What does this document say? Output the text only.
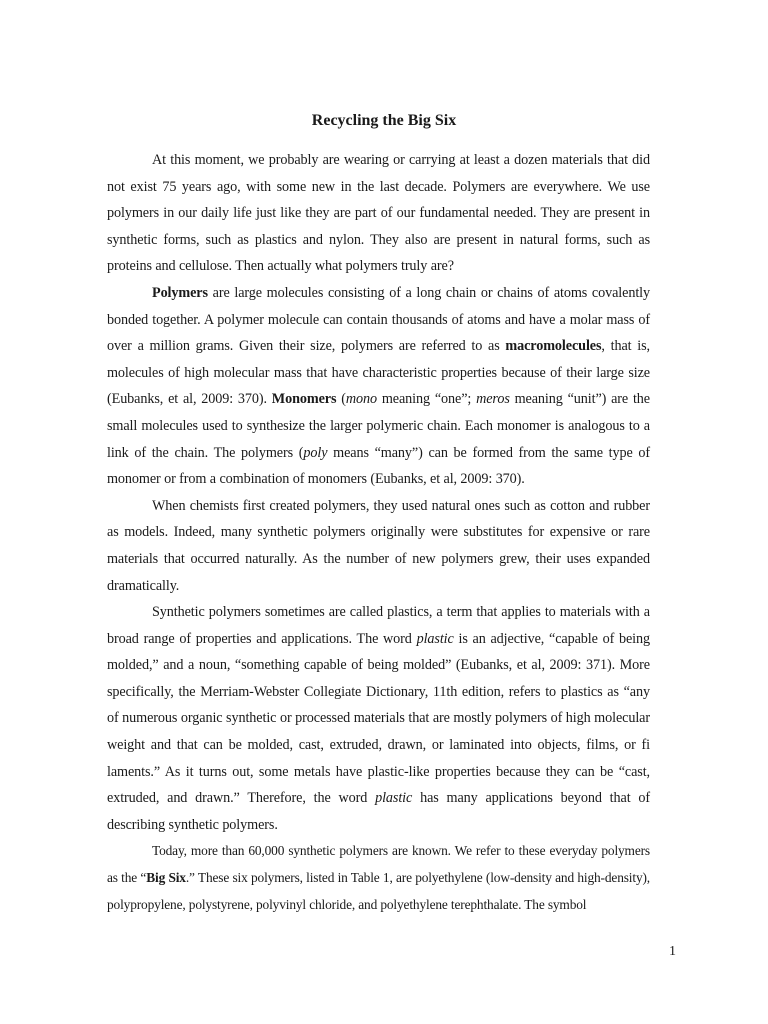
Recycling the Big Six

At this moment, we probably are wearing or carrying at least a dozen materials that did not exist 75 years ago, with some new in the last decade. Polymers are everywhere. We use polymers in our daily life just like they are part of our fundamental needed. They are present in synthetic forms, such as plastics and nylon. They also are present in natural forms, such as proteins and cellulose. Then actually what polymers truly are?

Polymers are large molecules consisting of a long chain or chains of atoms covalently bonded together. A polymer molecule can contain thousands of atoms and have a molar mass of over a million grams. Given their size, polymers are referred to as macromolecules, that is, molecules of high molecular mass that have characteristic properties because of their large size (Eubanks, et al, 2009: 370). Monomers (mono meaning “one”; meros meaning “unit”) are the small molecules used to synthesize the larger polymeric chain. Each monomer is analogous to a link of the chain. The polymers (poly means “many”) can be formed from the same type of monomer or from a combination of monomers (Eubanks, et al, 2009: 370).

When chemists first created polymers, they used natural ones such as cotton and rubber as models. Indeed, many synthetic polymers originally were substitutes for expensive or rare materials that occurred naturally. As the number of new polymers grew, their uses expanded dramatically.

Synthetic polymers sometimes are called plastics, a term that applies to materials with a broad range of properties and applications. The word plastic is an adjective, “capable of being molded,” and a noun, “something capable of being molded” (Eubanks, et al, 2009: 371). More specifically, the Merriam-Webster Collegiate Dictionary, 11th edition, refers to plastics as “any of numerous organic synthetic or processed materials that are mostly polymers of high molecular weight and that can be molded, cast, extruded, drawn, or laminated into objects, films, or fi laments.” As it turns out, some metals have plastic-like properties because they can be “cast, extruded, and drawn.” Therefore, the word plastic has many applications beyond that of describing synthetic polymers.

Today, more than 60,000 synthetic polymers are known. We refer to these everyday polymers as the “Big Six.” These six polymers, listed in Table 1, are polyethylene (low-density and high-density), polypropylene, polystyrene, polyvinyl chloride, and polyethylene terephthalate. The symbol

1
